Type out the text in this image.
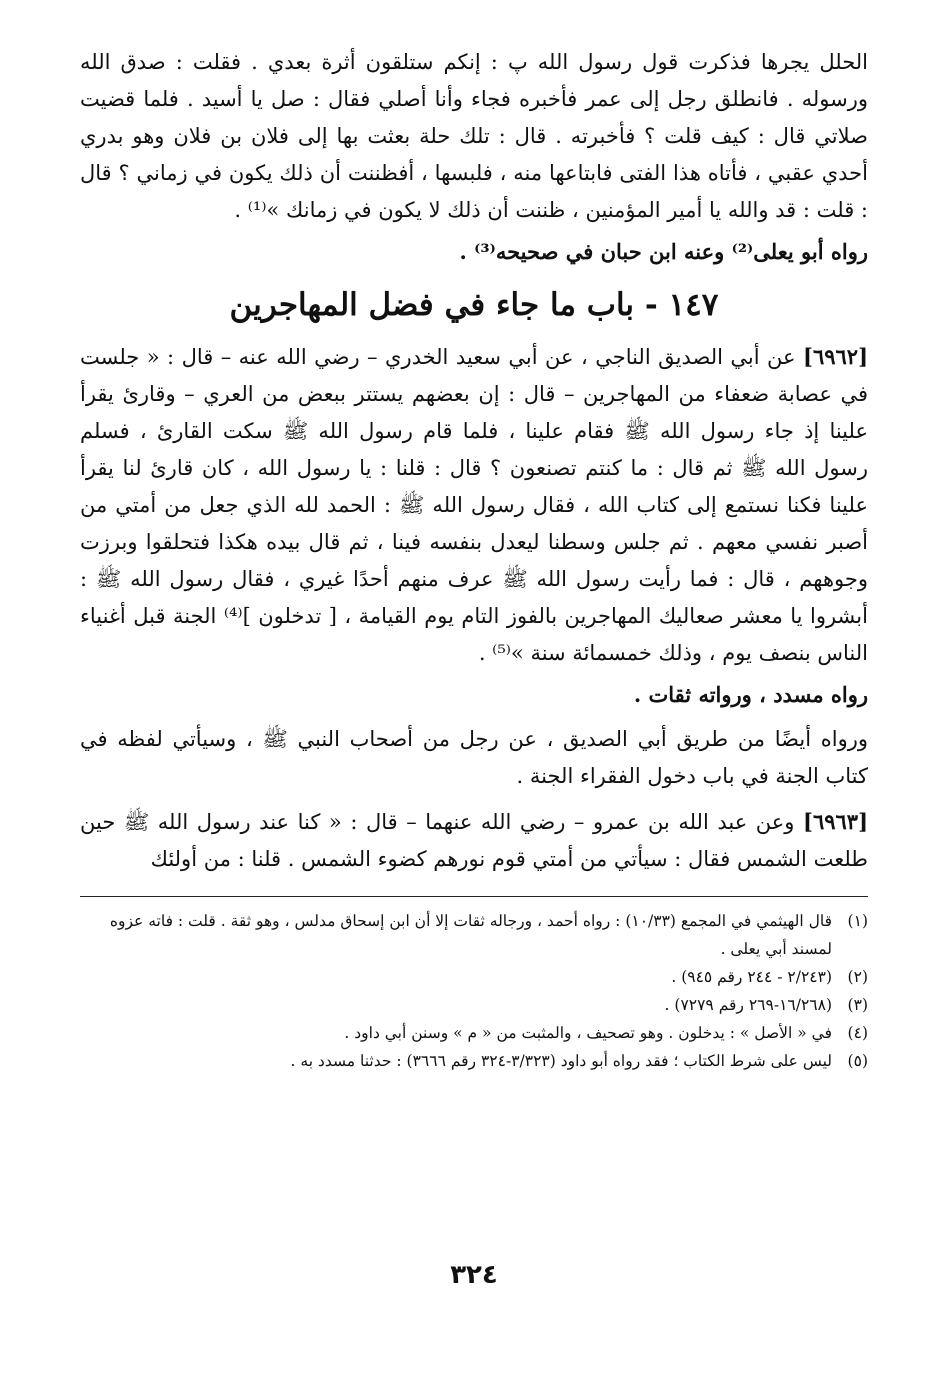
الحلل يجرها فذكرت قول رسول الله پ : إنكم ستلقون أثرة بعدي . فقلت : صدق الله ورسوله . فانطلق رجل إلى عمر فأخبره فجاء وأنا أصلي فقال : صل يا أسيد . فلما قضيت صلاتي قال : كيف قلت ؟ فأخبرته . قال : تلك حلة بعثت بها إلى فلان بن فلان وهو بدري أحدي عقبي ، فأتاه هذا الفتى فابتاعها منه ، فلبسها ، أفظننت أن ذلك يكون في زماني ؟ قال : قلت : قد والله يا أمير المؤمنين ، ظننت أن ذلك لا يكون في زمانك »⁽¹⁾ .

رواه أبو يعلى⁽²⁾ وعنه ابن حبان في صحيحه⁽³⁾ .

١٤٧ - باب ما جاء في فضل المهاجرين

[٦٩٦٢] عن أبي الصديق الناجي ، عن أبي سعيد الخدري – رضي الله عنه – قال : « جلست في عصابة ضعفاء من المهاجرين – قال : إن بعضهم يستتر ببعض من العري – وقارئ يقرأ علينا إذ جاء رسول الله ﷺ فقام علينا ، فلما قام رسول الله ﷺ سكت القارئ ، فسلم رسول الله ﷺ ثم قال : ما كنتم تصنعون ؟ قال : قلنا : يا رسول الله ، كان قارئ لنا يقرأ علينا فكنا نستمع إلى كتاب الله ، فقال رسول الله ﷺ : الحمد لله الذي جعل من أمتي من أصبر نفسي معهم . ثم جلس وسطنا ليعدل بنفسه فينا ، ثم قال بيده هكذا فتحلقوا وبرزت وجوههم ، قال : فما رأيت رسول الله ﷺ عرف منهم أحدًا غيري ، فقال رسول الله ﷺ : أبشروا يا معشر صعاليك المهاجرين بالفوز التام يوم القيامة ، [ تدخلون ]⁽⁴⁾ الجنة قبل أغنياء الناس بنصف يوم ، وذلك خمسمائة سنة »⁽⁵⁾ .

رواه مسدد ، ورواته ثقات .

ورواه أيضًا من طريق أبي الصديق ، عن رجل من أصحاب النبي ﷺ ، وسيأتي لفظه في كتاب الجنة في باب دخول الفقراء الجنة .

[٦٩٦٣] وعن عبد الله بن عمرو – رضي الله عنهما – قال : « كنا عند رسول الله ﷺ حين طلعت الشمس فقال : سيأتي من أمتي قوم نورهم كضوء الشمس . قلنا : من أولئك

(١)
قال الهيثمي في المجمع (١٠/٣٣) : رواه أحمد ، ورجاله ثقات إلا أن ابن إسحاق مدلس ، وهو ثقة . قلت : فاته عزوه لمسند أبي يعلى .
(٢)
(٢/٢٤٣ - ٢٤٤ رقم ٩٤٥) .
(٣)
(١٦/٢٦٨-٢٦٩ رقم ٧٢٧٩) .
(٤)
في « الأصل » : يدخلون . وهو تصحيف ، والمثبت من « م » وسنن أبي داود .
(٥)
ليس على شرط الكتاب ؛ فقد رواه أبو داود (٣/٣٢٣-٣٢٤ رقم ٣٦٦٦) : حدثنا مسدد به .
٣٢٤
